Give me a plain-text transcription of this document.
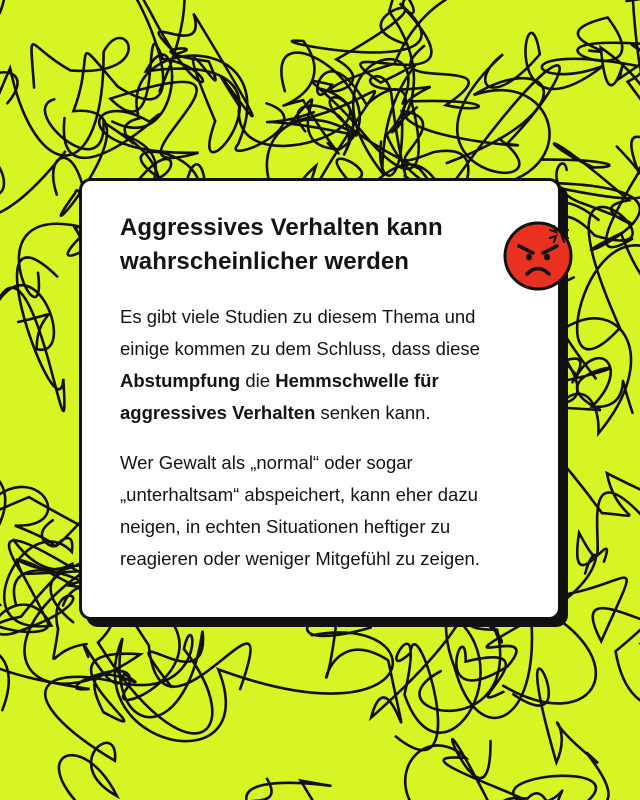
Aggressives Verhalten kann wahrscheinlicher werden

Es gibt viele Studien zu diesem Thema und einige kommen zu dem Schluss, dass diese Abstumpfung die Hemmschwelle für aggressives Verhalten senken kann.

Wer Gewalt als „normal“ oder sogar „unterhaltsam“ abspeichert, kann eher dazu neigen, in echten Situationen heftiger zu reagieren oder weniger Mitgefühl zu zeigen.
